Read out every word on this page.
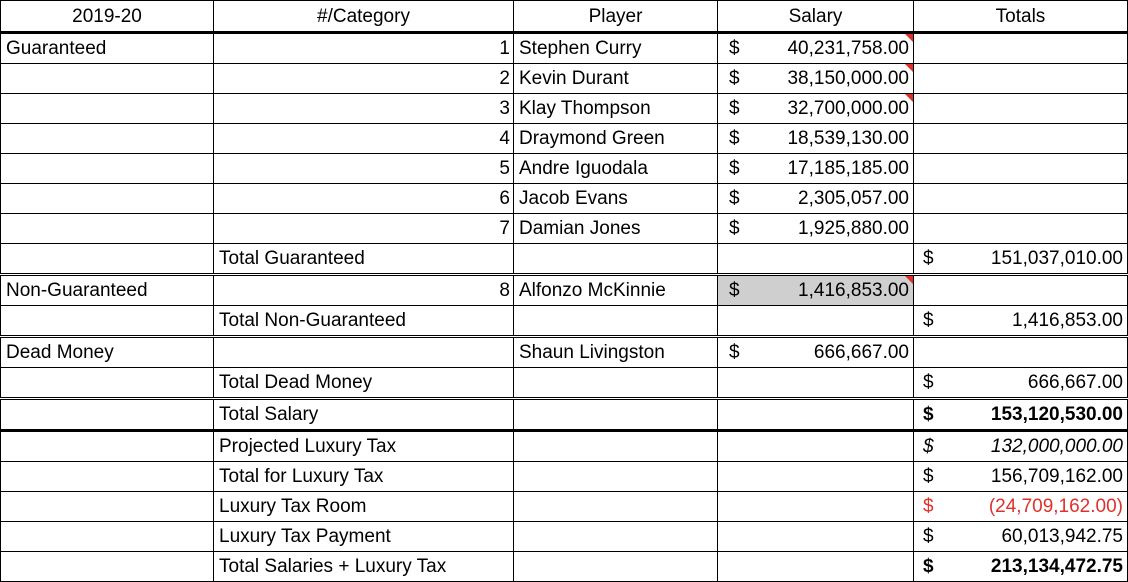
2019-20	#/Category	Player	Salary	Totals
Guaranteed	1	Stephen Curry	$ 40,231,758.00	

	2	Kevin Durant	$ 38,150,000.00	

	3	Klay Thompson	$ 32,700,000.00	

	4	Draymond Green	$ 18,539,130.00	

	5	Andre Iguodala	$ 17,185,185.00	

	6	Jacob Evans	$ 2,305,057.00	

	7	Damian Jones	$ 1,925,880.00	

	Total Guaranteed			$ 151,037,010.00

Non-Guaranteed	8	Alfonzo McKinnie	$ 1,416,853.00	

	Total Non-Guaranteed			$ 1,416,853.00

Dead Money		Shaun Livingston	$ 666,667.00	

	Total Dead Money			$ 666,667.00

	Total Salary			$ 153,120,530.00

	Projected Luxury Tax			$ 132,000,000.00

	Total for Luxury Tax			$ 156,709,162.00

	Luxury Tax Room			$ (24,709,162.00)

	Luxury Tax Payment			$ 60,013,942.75

	Total Salaries + Luxury Tax			$ 213,134,472.75
